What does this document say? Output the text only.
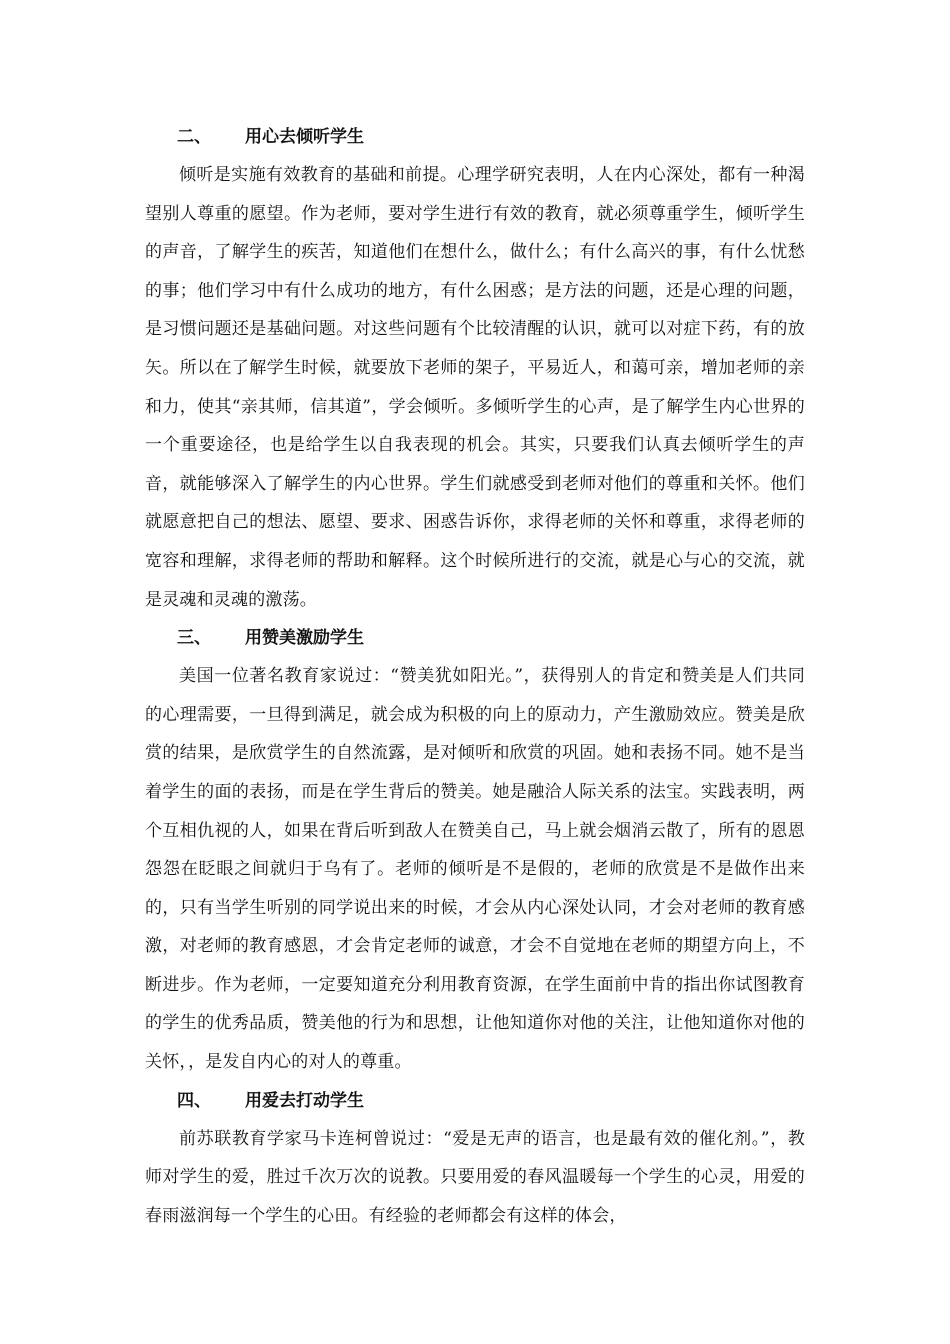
二、 用心去倾听学生

倾听是实施有效教育的基础和前提。心理学研究表明，人在内心深处，都有一种渴望别人尊重的愿望。作为老师，要对学生进行有效的教育，就必须尊重学生，倾听学生的声音，了解学生的疾苦，知道他们在想什么，做什么；有什么高兴的事，有什么忧愁的事；他们学习中有什么成功的地方，有什么困惑；是方法的问题，还是心理的问题，是习惯问题还是基础问题。对这些问题有个比较清醒的认识，就可以对症下药，有的放矢。所以在了解学生时候，就要放下老师的架子，平易近人，和蔼可亲，增加老师的亲和力，使其“亲其师，信其道”，学会倾听。多倾听学生的心声，是了解学生内心世界的一个重要途径，也是给学生以自我表现的机会。其实，只要我们认真去倾听学生的声音，就能够深入了解学生的内心世界。学生们就感受到老师对他们的尊重和关怀。他们就愿意把自己的想法、愿望、要求、困惑告诉你，求得老师的关怀和尊重，求得老师的宽容和理解，求得老师的帮助和解释。这个时候所进行的交流，就是心与心的交流，就是灵魂和灵魂的激荡。

三、 用赞美激励学生

美国一位著名教育家说过：“赞美犹如阳光。”，获得别人的肯定和赞美是人们共同的心理需要，一旦得到满足，就会成为积极的向上的原动力，产生激励效应。赞美是欣赏的结果，是欣赏学生的自然流露，是对倾听和欣赏的巩固。她和表扬不同。她不是当着学生的面的表扬，而是在学生背后的赞美。她是融洽人际关系的法宝。实践表明，两个互相仇视的人，如果在背后听到敌人在赞美自己，马上就会烟消云散了，所有的恩恩怨怨在眨眼之间就归于乌有了。老师的倾听是不是假的，老师的欣赏是不是做作出来的，只有当学生听别的同学说出来的时候，才会从内心深处认同，才会对老师的教育感激，对老师的教育感恩，才会肯定老师的诚意，才会不自觉地在老师的期望方向上，不断进步。作为老师，一定要知道充分利用教育资源，在学生面前中肯的指出你试图教育的学生的优秀品质，赞美他的行为和思想，让他知道你对他的关注，让他知道你对他的关怀，，是发自内心的对人的尊重。

四、 用爱去打动学生

前苏联教育学家马卡连柯曾说过：“爱是无声的语言，也是最有效的催化剂。”，教师对学生的爱，胜过千次万次的说教。只要用爱的春风温暖每一个学生的心灵，用爱的春雨滋润每一个学生的心田。有经验的老师都会有这样的体会，
